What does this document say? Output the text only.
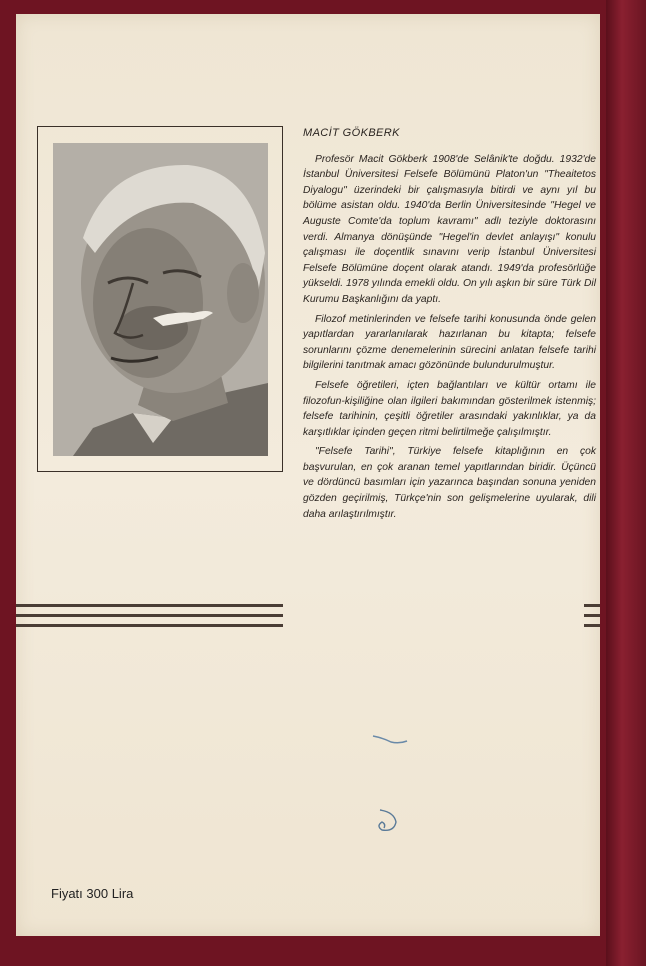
MACİT GÖKBERK

Profesör Macit Gökberk 1908'de Selânik'te doğdu. 1932'de İstanbul Üniversitesi Felsefe Bölümünü Platon'un "Theaitetos Diyalogu" üzerindeki bir çalışmasıyla bitirdi ve aynı yıl bu bölüme asistan oldu. 1940'da Berlin Üniversitesinde "Hegel ve Auguste Comte'da toplum kavramı" adlı teziyle doktorasını verdi. Almanya dönüşünde "Hegel'in devlet anlayışı" konulu çalışması ile doçentlik sınavını verip İstanbul Üniversitesi Felsefe Bölümüne doçent olarak atandı. 1949'da profesörlüğe yükseldi. 1978 yılında emekli oldu. On yılı aşkın bir süre Türk Dil Kurumu Başkanlığını da yaptı.

Filozof metinlerinden ve felsefe tarihi konusunda önde gelen yapıtlardan yararlanılarak hazırlanan bu kitapta; felsefe sorunlarını çözme denemelerinin sürecini anlatan felsefe tarihi bilgilerini tanıtmak amacı gözönünde bulundurulmuştur.

Felsefe öğretileri, içten bağlantıları ve kültür ortamı ile filozofun-kişiliğine olan ilgileri bakımından gösterilmek istenmiş; felsefe tarihinin, çeşitli öğretiler arasındaki yakınlıklar, ya da karşıtlıklar içinden geçen ritmi belirtilmeğe çalışılmıştır.

"Felsefe Tarihi", Türkiye felsefe kitaplığının en çok başvurulan, en çok aranan temel yapıtlarından biridir. Üçüncü ve dördüncü basımları için yazarınca başından sonuna yeniden gözden geçirilmiş, Türkçe'nin son gelişmelerine uyularak, dili daha arılaştırılmıştır.

Fiyatı 300 Lira
